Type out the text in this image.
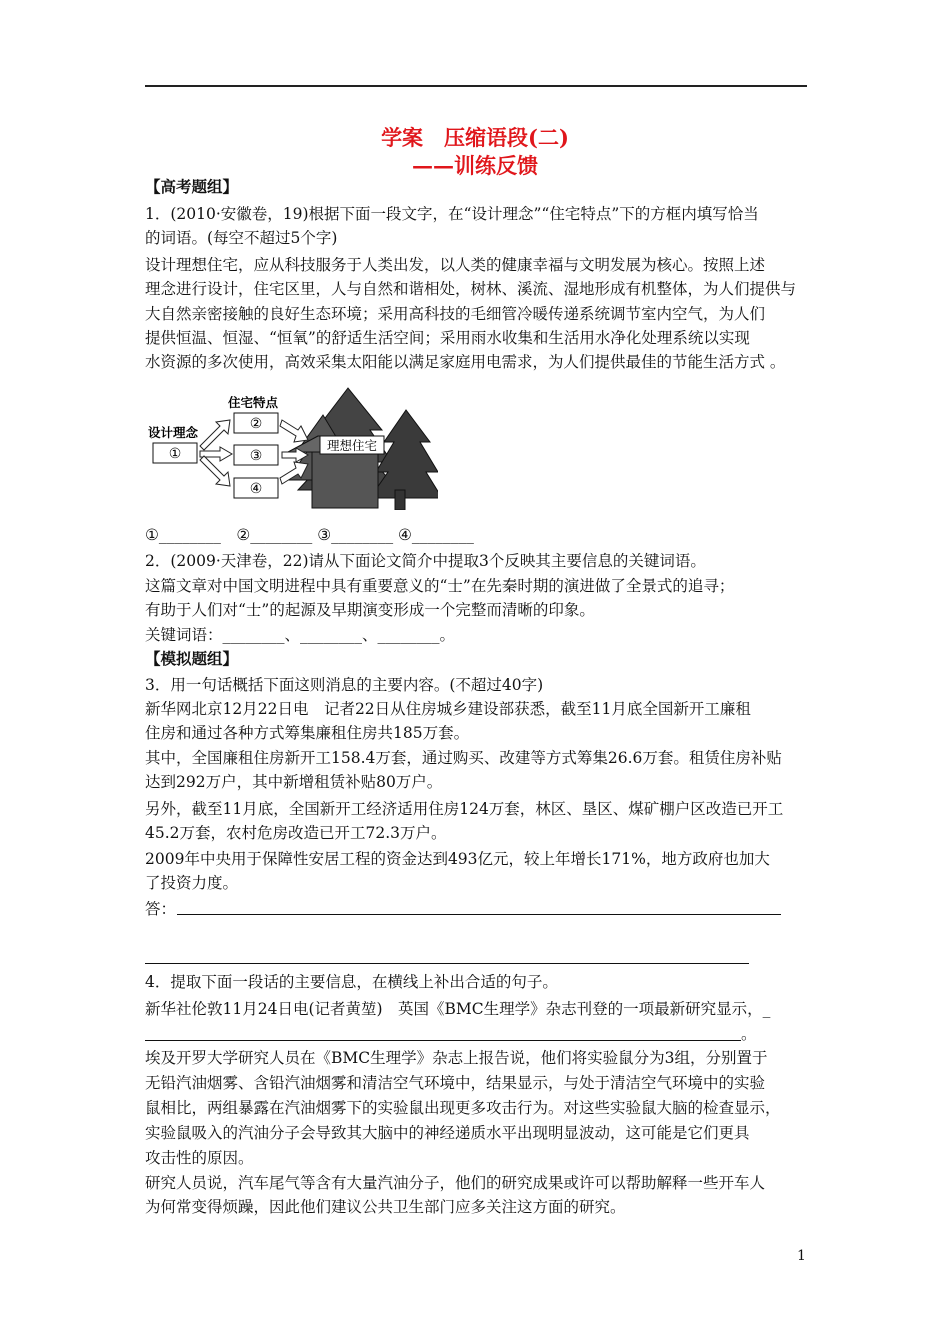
学案　压缩语段(二)
——训练反馈
【高考题组】
1．(2010·安徽卷，19)根据下面一段文字，在“设计理念”“住宅特点”下的方框内填写恰当
的词语。(每空不超过5个字)
设计理想住宅，应从科技服务于人类出发，以人类的健康幸福与文明发展为核心。按照上述
理念进行设计，住宅区里，人与自然和谐相处，树林、溪流、湿地形成有机整体，为人们提供与
大自然亲密接触的良好生态环境；采用高科技的毛细管冷暖传递系统调节室内空气，为人们
提供恒温、恒湿、“恒氧”的舒适生活空间；采用雨水收集和生活用水净化处理系统以实现
水资源的多次使用，高效采集太阳能以满足家庭用电需求，为人们提供最佳的节能生活方式 。
理想住宅
住宅特点
设计理念
①
②
③
④
①________　②________ ③________ ④________
2．(2009·天津卷，22)请从下面论文简介中提取3个反映其主要信息的关键词语。
这篇文章对中国文明进程中具有重要意义的“士”在先秦时期的演进做了全景式的追寻；
有助于人们对“士”的起源及早期演变形成一个完整而清晰的印象。
关键词语：________、________、________。
【模拟题组】
3．用一句话概括下面这则消息的主要内容。(不超过40字)
新华网北京12月22日电　记者22日从住房城乡建设部获悉，截至11月底全国新开工廉租
住房和通过各种方式筹集廉租住房共185万套。
其中，全国廉租住房新开工158.4万套，通过购买、改建等方式筹集26.6万套。租赁住房补贴
达到292万户，其中新增租赁补贴80万户。
另外，截至11月底，全国新开工经济适用住房124万套，林区、垦区、煤矿棚户区改造已开工
45.2万套，农村危房改造已开工72.3万户。
2009年中央用于保障性安居工程的资金达到493亿元，较上年增长171%，地方政府也加大
了投资力度。
答：
4．提取下面一段话的主要信息，在横线上补出合适的句子。
新华社伦敦11月24日电(记者黄堃)　英国《BMC生理学》杂志刊登的一项最新研究显示，_
。
埃及开罗大学研究人员在《BMC生理学》杂志上报告说，他们将实验鼠分为3组，分别置于
无铅汽油烟雾、含铅汽油烟雾和清洁空气环境中，结果显示，与处于清洁空气环境中的实验
鼠相比，两组暴露在汽油烟雾下的实验鼠出现更多攻击行为。对这些实验鼠大脑的检查显示，
实验鼠吸入的汽油分子会导致其大脑中的神经递质水平出现明显波动，这可能是它们更具
攻击性的原因。
研究人员说，汽车尾气等含有大量汽油分子，他们的研究成果或许可以帮助解释一些开车人
为何常变得烦躁，因此他们建议公共卫生部门应多关注这方面的研究。
1
